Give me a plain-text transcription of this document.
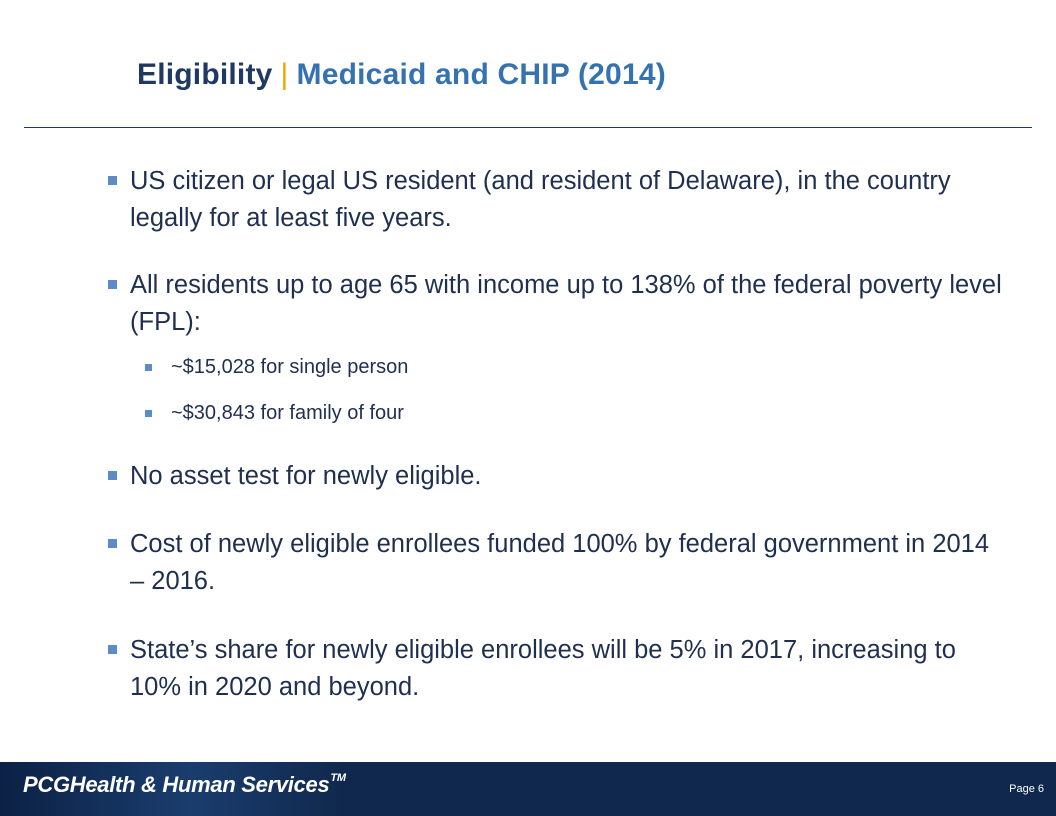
Eligibility | Medicaid and CHIP (2014)
US citizen or legal US resident (and resident of Delaware), in the country legally for at least five years.
All residents up to age 65 with income up to 138% of the federal poverty level (FPL):
~$15,028 for single person
~$30,843 for family of four
No asset test for newly eligible.
Cost of newly eligible enrollees funded 100% by federal government in 2014 – 2016.
State’s share for newly eligible enrollees will be 5% in 2017, increasing to 10% in 2020 and beyond.
PCGHealth & Human Services™
Page 6
